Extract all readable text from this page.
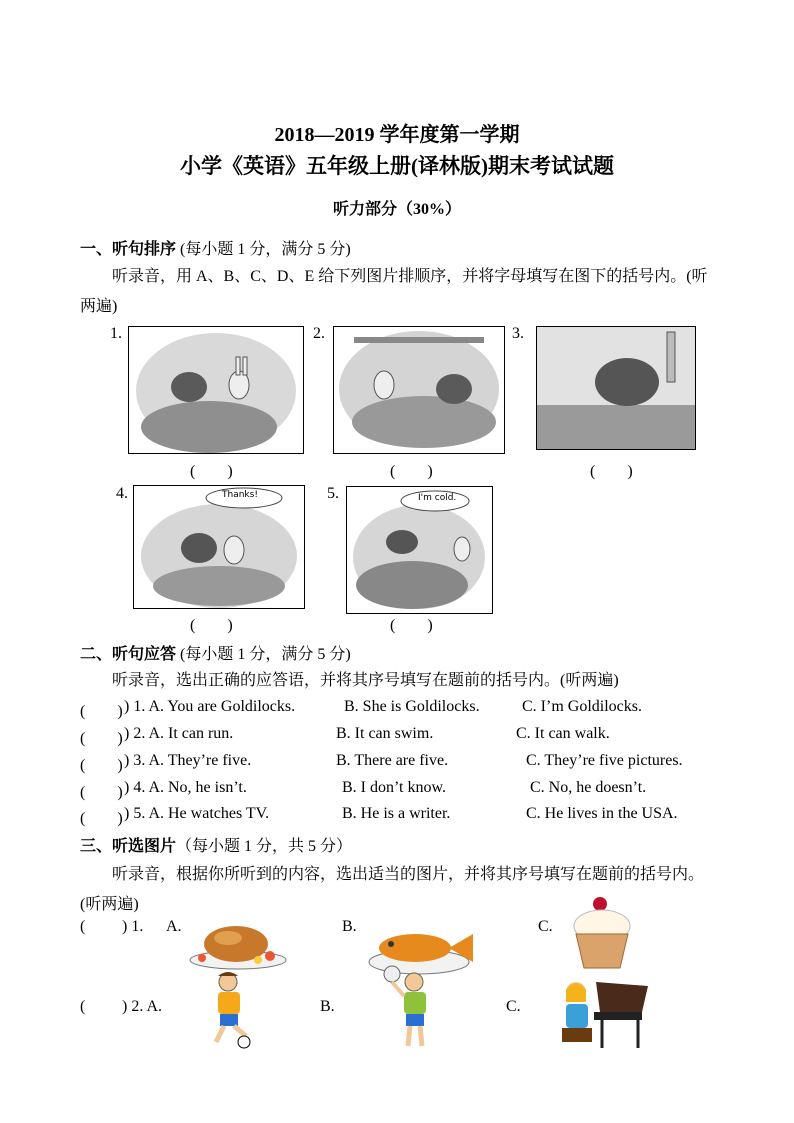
2018—2019 学年度第一学期
小学《英语》五年级上册(译林版)期末考试试题
听力部分（30%）
一、听句排序 (每小题 1 分，满分 5 分)
听录音，用 A、B、C、D、E 给下列图片排顺序，并将字母填写在图下的括号内。(听两遍)
1.
(　　)
2.
(　　)
3.
(　　)
4.	Thanks!
(　　)
5.	I'm cold.
(　　)
二、听句应答 (每小题 1 分，满分 5 分)
听录音，选出正确的应答语，并将其序号填写在题前的括号内。(听两遍)
(　　) ) 1. A. You are Goldilocks.	B. She is Goldilocks.	C. I’m Goldilocks.
(　　) ) 2. A. It can run.	B. It can swim.	C. It can walk.
(　　) ) 3. A. They’re five.	B. There are five.	C. They’re five pictures.
(　　) ) 4. A. No, he isn’t.	B. I don’t know.	C. No, he doesn’t.
(　　) ) 5. A. He watches TV.	B. He is a writer.	C. He lives in the USA.
三、听选图片（每小题 1 分，共 5 分）
听录音，根据你所听到的内容，选出适当的图片，并将其序号填写在题前的括号内。(听两遍)
( ) 1. A.	B.	C.
( ) 2. A.	B.	C.
